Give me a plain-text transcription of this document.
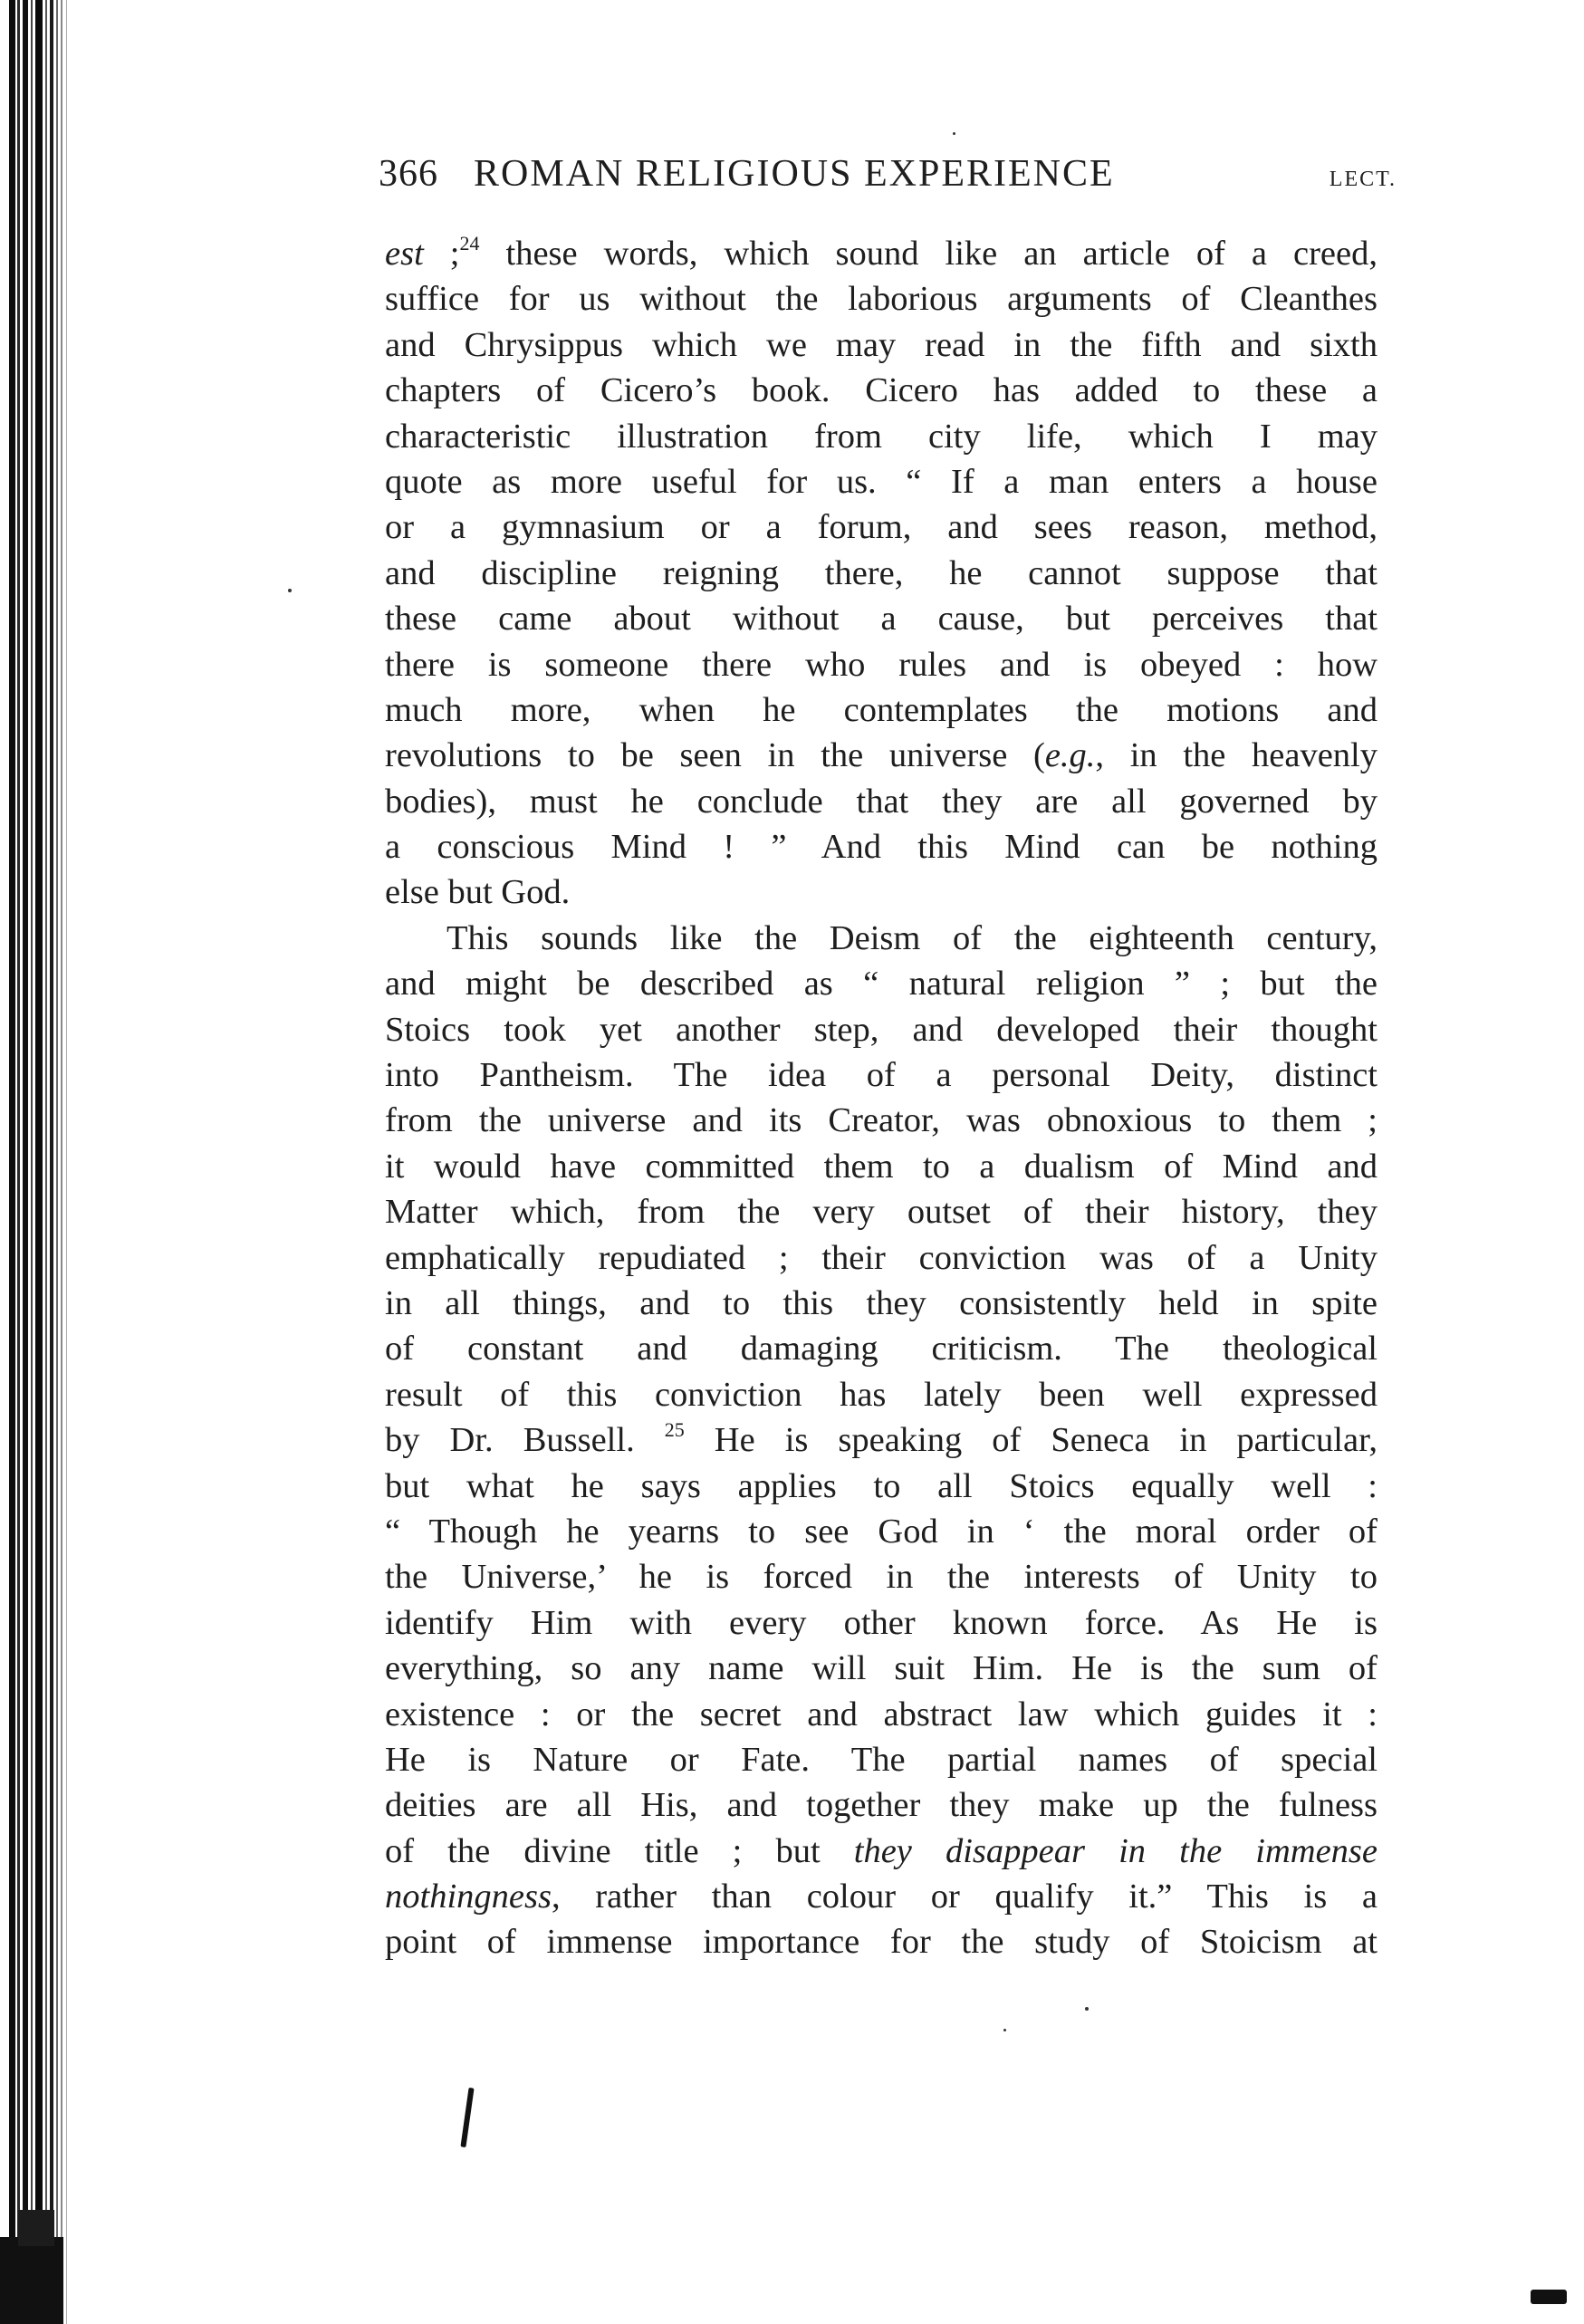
366 ROMAN RELIGIOUS EXPERIENCE	LECT.
est ;$^{24}$ these words, which sound like an article of a creed,
suffice for us without the laborious arguments of Cleanthes
and Chrysippus which we may read in the fifth and sixth
chapters of Cicero’s book. Cicero has added to these a
characteristic illustration from city life, which I may
quote as more useful for us. “ If a man enters a house
or a gymnasium or a forum, and sees reason, method,
and discipline reigning there, he cannot suppose that
these came about without a cause, but perceives that
there is someone there who rules and is obeyed : how
much more, when he contemplates the motions and
revolutions to be seen in the universe (e.g., in the heavenly
bodies), must he conclude that they are all governed by
a conscious Mind ! ” And this Mind can be nothing
else but God.
This sounds like the Deism of the eighteenth century,
and might be described as “ natural religion ” ; but the
Stoics took yet another step, and developed their thought
into Pantheism. The idea of a personal Deity, distinct
from the universe and its Creator, was obnoxious to them ;
it would have committed them to a dualism of Mind and
Matter which, from the very outset of their history, they
emphatically repudiated ; their conviction was of a Unity
in all things, and to this they consistently held in spite
of constant and damaging criticism. The theological
result of this conviction has lately been well expressed
by Dr. Bussell. $^{25}$ He is speaking of Seneca in particular,
but what he says applies to all Stoics equally well :
“ Though he yearns to see God in ‘ the moral order of
the Universe,’ he is forced in the interests of Unity to
identify Him with every other known force. As He is
everything, so any name will suit Him. He is the sum of
existence : or the secret and abstract law which guides it :
He is Nature or Fate. The partial names of special
deities are all His, and together they make up the fulness
of the divine title ; but they disappear in the immense
nothingness, rather than colour or qualify it.” This is a
point of immense importance for the study of Stoicism at
